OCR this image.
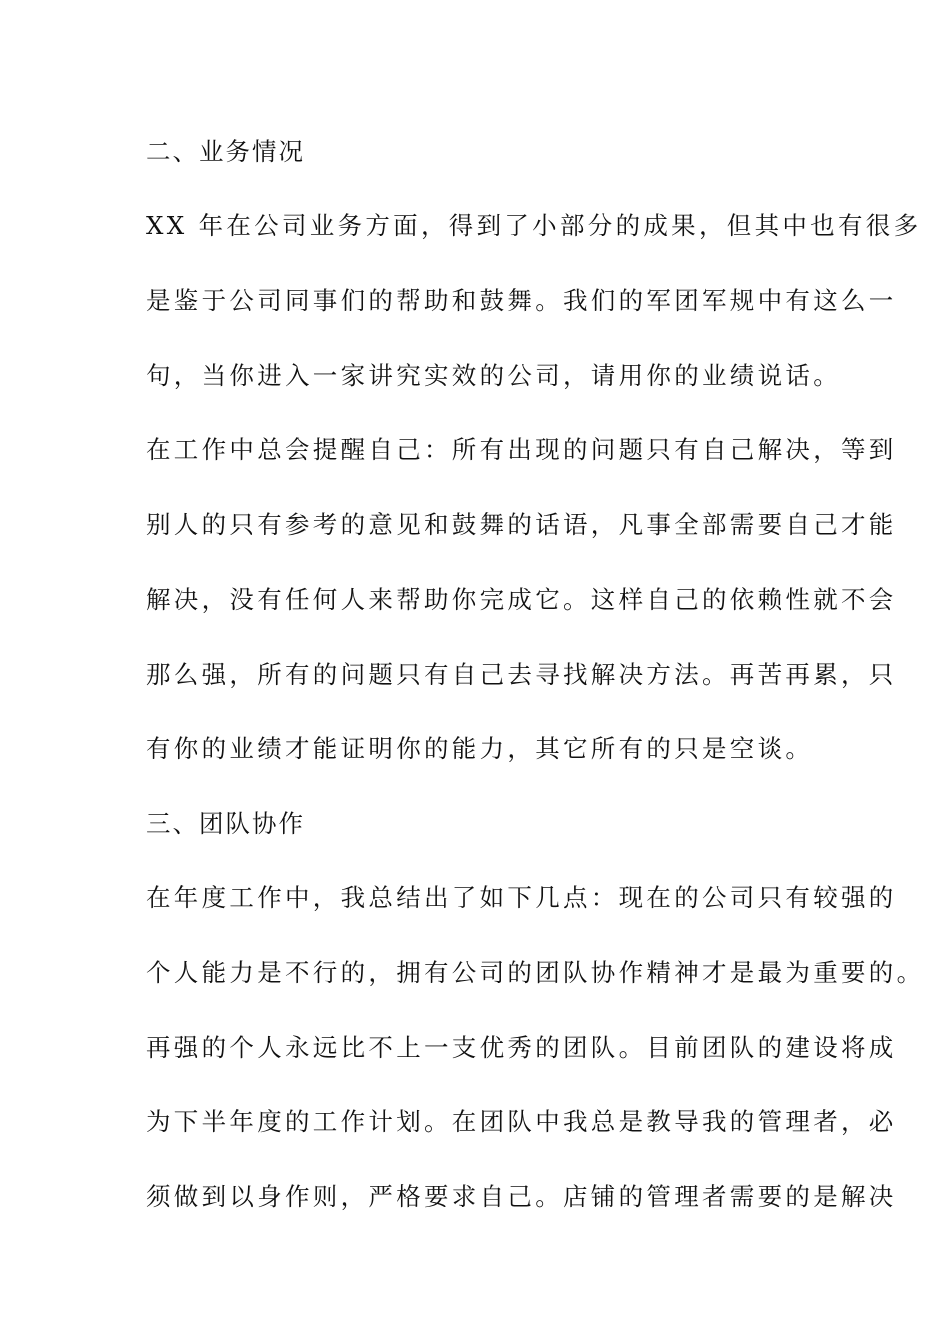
二、业务情况
XX 年在公司业务方面，得到了小部分的成果，但其中也有很多
是鉴于公司同事们的帮助和鼓舞。我们的军团军规中有这么一
句，当你进入一家讲究实效的公司，请用你的业绩说话。
在工作中总会提醒自己：所有出现的问题只有自己解决，等到
别人的只有参考的意见和鼓舞的话语，凡事全部需要自己才能
解决，没有任何人来帮助你完成它。这样自己的依赖性就不会
那么强，所有的问题只有自己去寻找解决方法。再苦再累，只
有你的业绩才能证明你的能力，其它所有的只是空谈。
三、团队协作
在年度工作中，我总结出了如下几点：现在的公司只有较强的
个人能力是不行的，拥有公司的团队协作精神才是最为重要的。
再强的个人永远比不上一支优秀的团队。目前团队的建设将成
为下半年度的工作计划。在团队中我总是教导我的管理者，必
须做到以身作则，严格要求自己。店铺的管理者需要的是解决
